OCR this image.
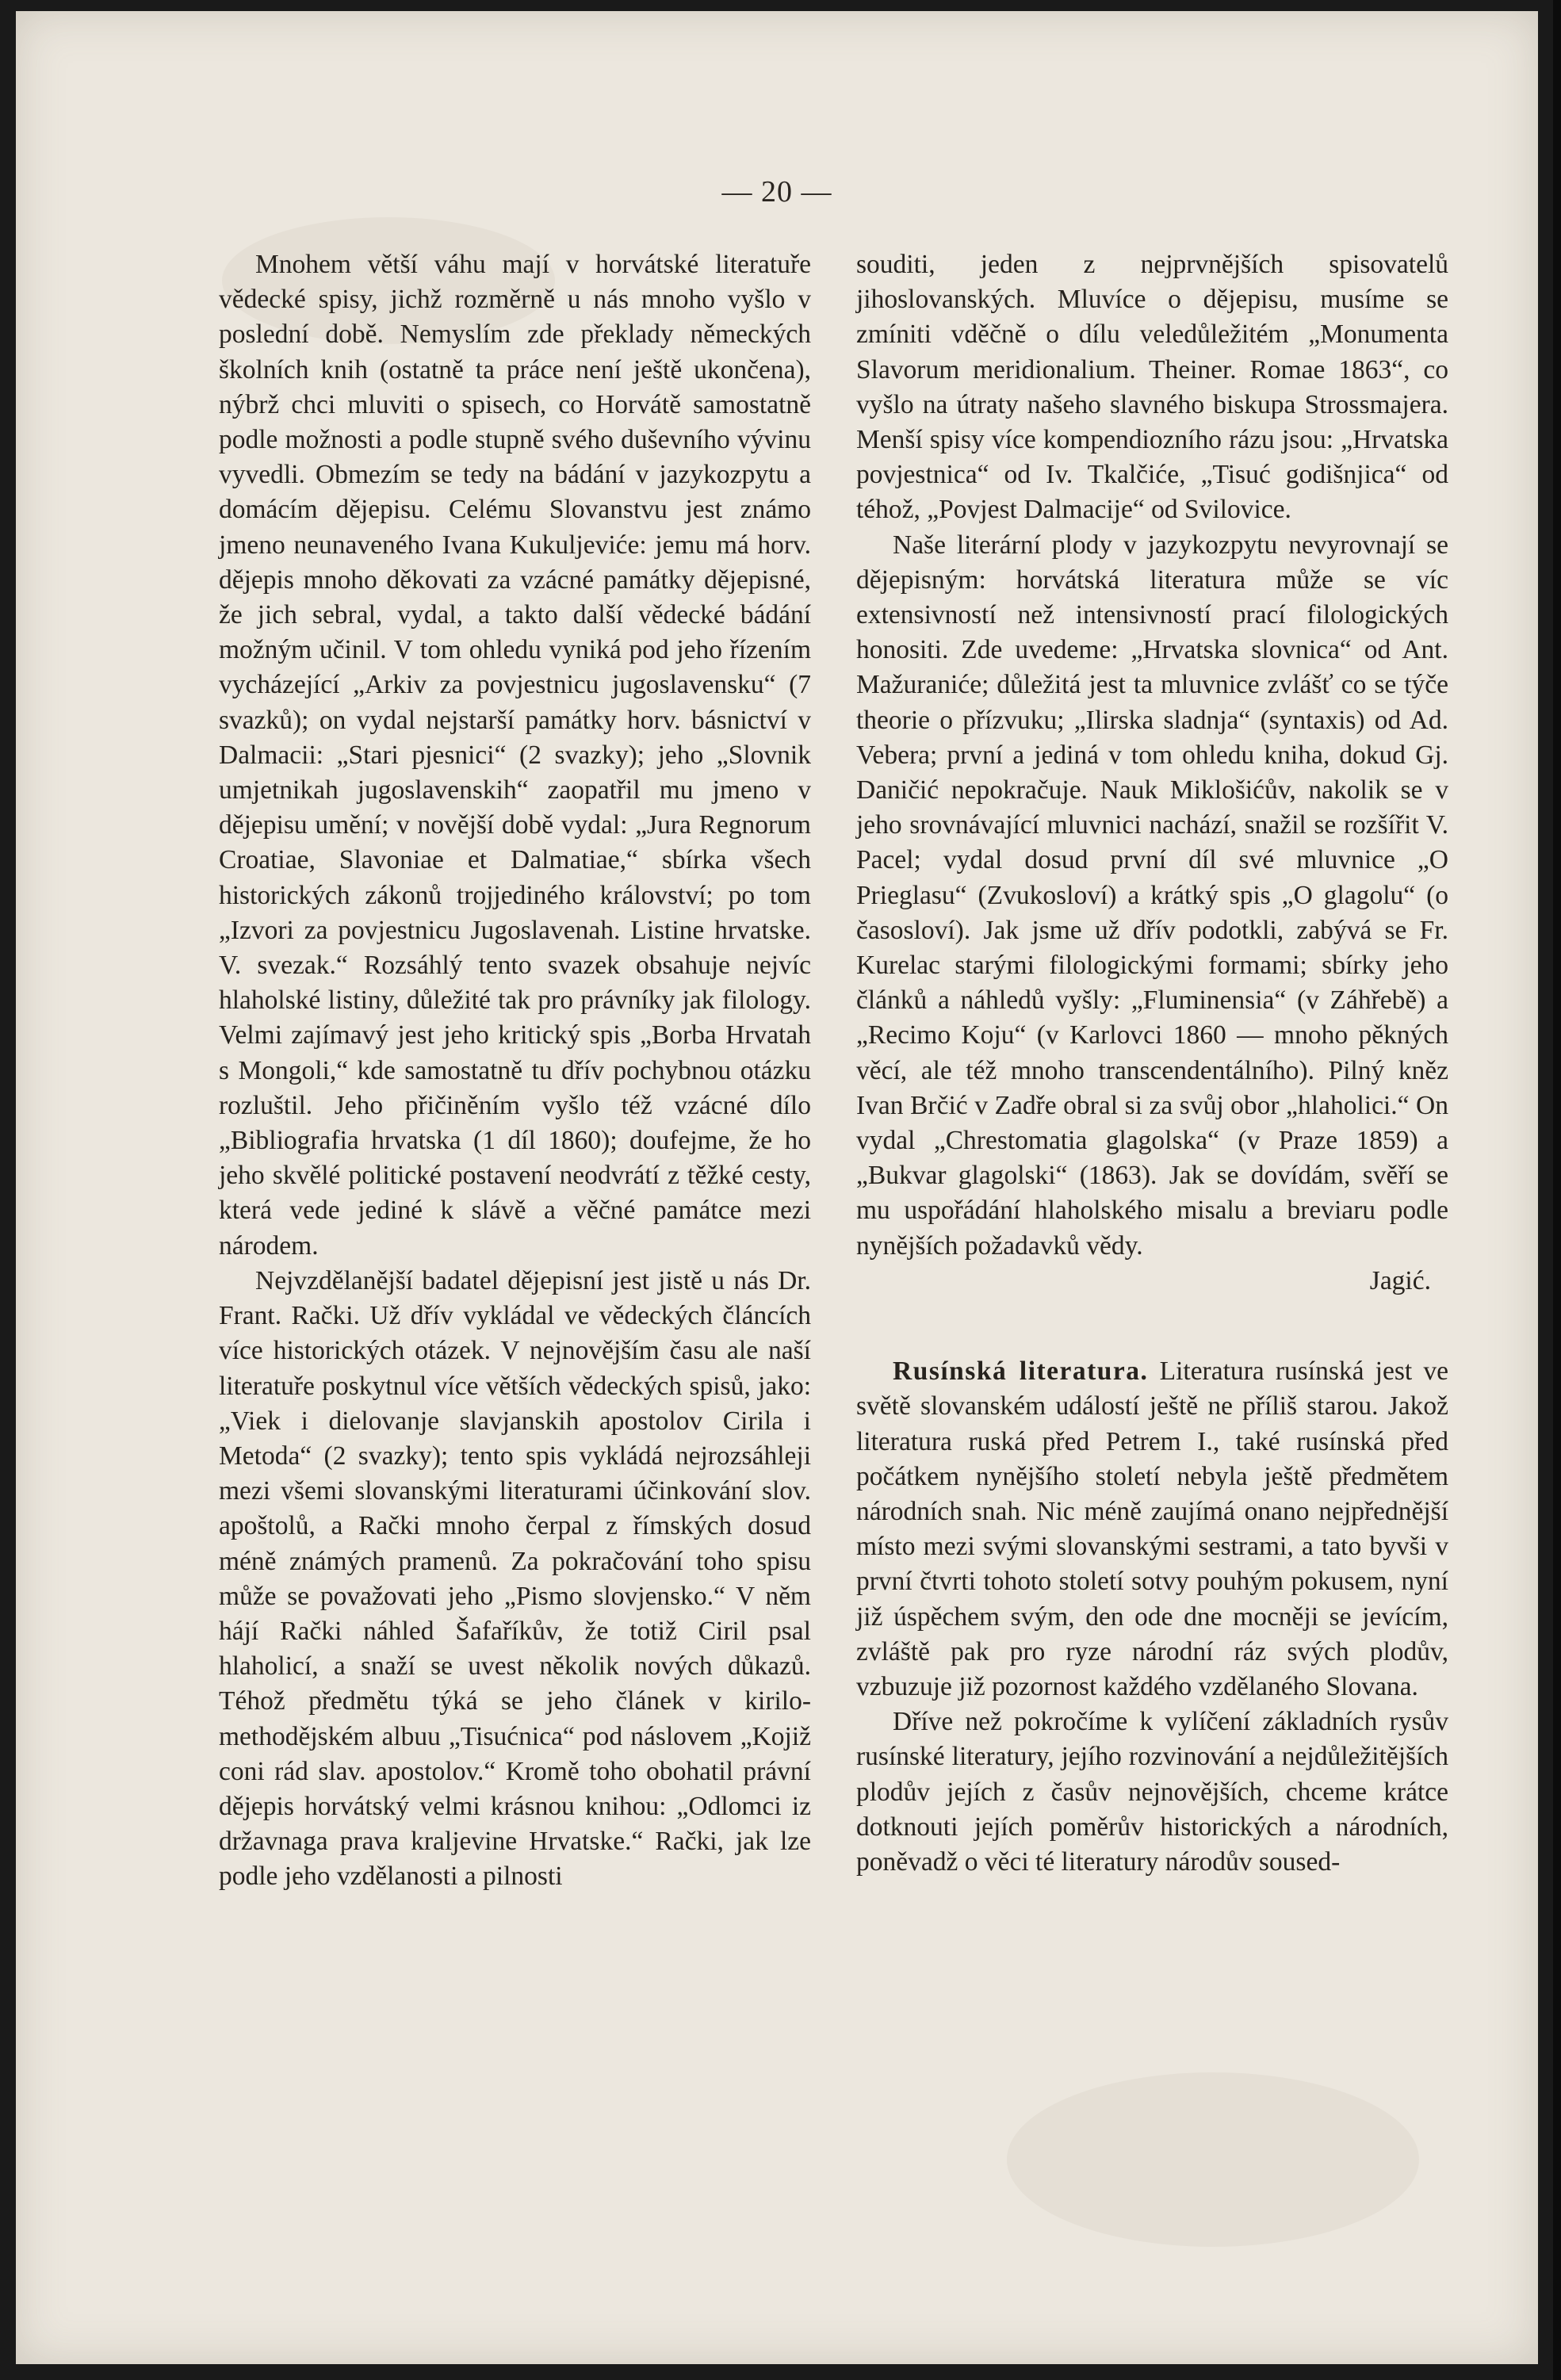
— 20 —

Mnohem větší váhu mají v horvátské literatuře vědecké spisy, jichž rozměrně u nás mnoho vyšlo v poslední době. Nemyslím zde překlady německých školních knih (ostatně ta práce není ještě ukončena), nýbrž chci mluviti o spisech, co Horvátě samostatně podle možnosti a podle stupně svého duševního vývinu vyvedli. Obmezím se tedy na bádání v jazykozpytu a domácím dějepisu. Celému Slovanstvu jest známo jmeno neunaveného Ivana Kukuljeviće: jemu má horv. dějepis mnoho děkovati za vzácné památky dějepisné, že jich sebral, vydal, a takto další vědecké bádání možným učinil. V tom ohledu vyniká pod jeho řízením vycházející „Arkiv za povjestnicu jugoslavensku“ (7 svazků); on vydal nejstarší památky horv. básnictví v Dalmacii: „Stari pjesnici“ (2 svazky); jeho „Slovnik umjetnikah jugoslavenskih“ zaopatřil mu jmeno v dějepisu umění; v novější době vydal: „Jura Regnorum Croatiae, Slavoniae et Dalmatiae,“ sbírka všech historických zákonů trojjediného království; po tom „Izvori za povjestnicu Jugoslavenah. Listine hrvatske. V. svezak.“ Rozsáhlý tento svazek obsahuje nejvíc hlaholské listiny, důležité tak pro právníky jak filology. Velmi zajímavý jest jeho kritický spis „Borba Hrvatah s Mongoli,“ kde samostatně tu dřív pochybnou otázku rozluštil. Jeho přičiněním vyšlo též vzácné dílo „Bibliografia hrvatska (1 díl 1860); doufejme, že ho jeho skvělé politické postavení neodvrátí z těžké cesty, která vede jediné k slávě a věčné památce mezi národem.

Nejvzdělanější badatel dějepisní jest jistě u nás Dr. Frant. Rački. Už dřív vykládal ve vědeckých článcích více historických otázek. V nejnovějším času ale naší literatuře poskytnul více větších vědeckých spisů, jako: „Viek i dielovanje slavjanskih apostolov Cirila i Metoda“ (2 svazky); tento spis vykládá nejrozsáhleji mezi všemi slovanskými literaturami účinkování slov. apoštolů, a Rački mnoho čerpal z římských dosud méně známých pramenů. Za pokračování toho spisu může se považovati jeho „Pismo slovjensko.“ V něm hájí Rački náhled Šafaříkův, že totiž Ciril psal hlaholicí, a snaží se uvest několik nových důkazů. Téhož předmětu týká se jeho článek v kirilo-methodějském albuu „Tisućnica“ pod náslovem „Kojiž coni rád slav. apostolov.“ Kromě toho obohatil právní dějepis horvátský velmi krásnou knihou: „Odlomci iz državnaga prava kraljevine Hrvatske.“ Rački, jak lze podle jeho vzdělanosti a pilnosti

souditi, jeden z nejprvnějších spisovatelů jihoslovanských. Mluvíce o dějepisu, musíme se zmíniti vděčně o dílu veledůležitém „Monumenta Slavorum meridionalium. Theiner. Romae 1863“, co vyšlo na útraty našeho slavného biskupa Strossmajera. Menší spisy více kompendiozního rázu jsou: „Hrvatska povjestnica“ od Iv. Tkalčiće, „Tisuć godišnjica“ od téhož, „Povjest Dalmacije“ od Svilovice.

Naše literární plody v jazykozpytu nevyrovnají se dějepisným: horvátská literatura může se víc extensivností než intensivností prací filologických honositi. Zde uvedeme: „Hrvatska slovnica“ od Ant. Mažuraniće; důležitá jest ta mluvnice zvlášť co se týče theorie o přízvuku; „Ilirska sladnja“ (syntaxis) od Ad. Vebera; první a jediná v tom ohledu kniha, dokud Gj. Daničić nepokračuje. Nauk Miklošićův, nakolik se v jeho srovnávající mluvnici nachází, snažil se rozšířit V. Pacel; vydal dosud první díl své mluvnice „O Prieglasu“ (Zvukosloví) a krátký spis „O glagolu“ (o časosloví). Jak jsme už dřív podotkli, zabývá se Fr. Kurelac starými filologickými formami; sbírky jeho článků a náhledů vyšly: „Fluminensia“ (v Záhřebě) a „Recimo Koju“ (v Karlovci 1860 — mnoho pěkných věcí, ale též mnoho transcendentálního). Pilný kněz Ivan Brčić v Zadře obral si za svůj obor „hlaholici.“ On vydal „Chrestomatia glagolska“ (v Praze 1859) a „Bukvar glagolski“ (1863). Jak se dovídám, svěří se mu uspořádání hlaholského misalu a breviaru podle nynějších požadavků vědy.

Jagić.

Rusínská literatura. Literatura rusínská jest ve světě slovanském událostí ještě ne příliš starou. Jakož literatura ruská před Petrem I., také rusínská před počátkem nynějšího století nebyla ještě předmětem národních snah. Nic méně zaujímá onano nejpřednější místo mezi svými slovanskými sestrami, a tato byvši v první čtvrti tohoto století sotvy pouhým pokusem, nyní již úspěchem svým, den ode dne mocněji se jevícím, zvláště pak pro ryze národní ráz svých plodův, vzbuzuje již pozornost každého vzdělaného Slovana.

Dříve než pokročíme k vylíčení základních rysův rusínské literatury, jejího rozvinování a nejdůležitějších plodův jejích z časův nejnovějších, chceme krátce dotknouti jejích poměrův historických a národních, poněvadž o věci té literatury národův soused-
